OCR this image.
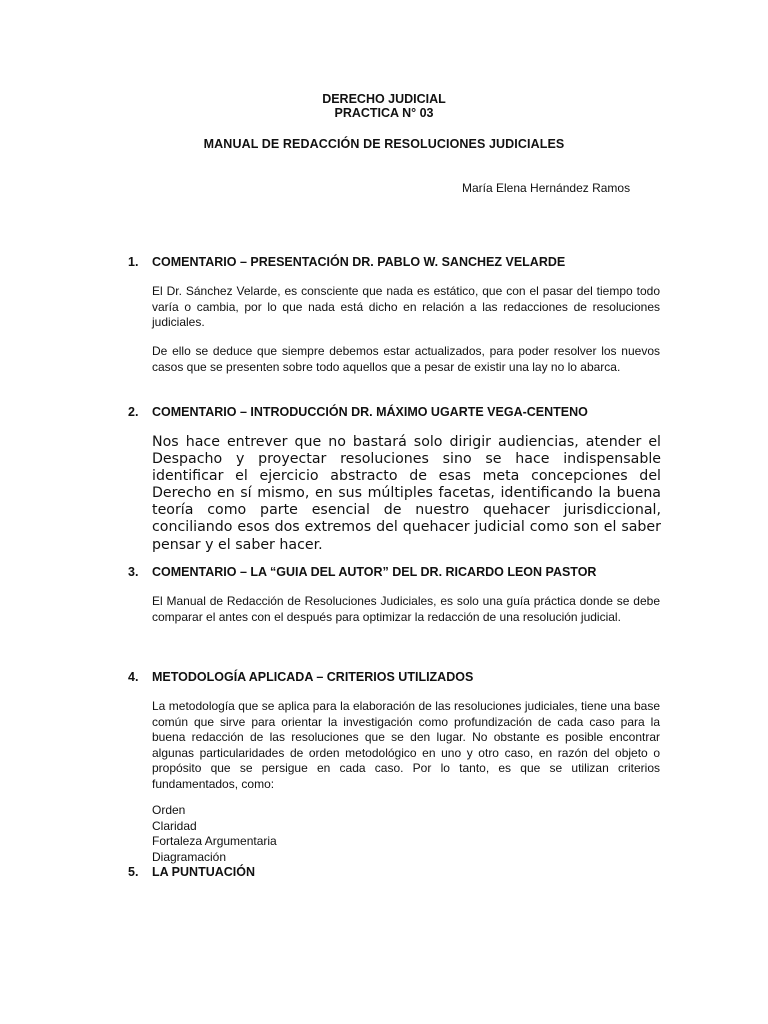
DERECHO JUDICIAL
PRACTICA N° 03
MANUAL DE REDACCIÓN DE RESOLUCIONES JUDICIALES
María Elena Hernández Ramos
1. COMENTARIO – PRESENTACIÓN DR. PABLO W. SANCHEZ VELARDE
El Dr. Sánchez Velarde, es consciente que nada es estático, que con el pasar del tiempo todo varía o cambia, por lo que nada está dicho en relación a las redacciones de resoluciones judiciales.
De ello se deduce que siempre debemos estar actualizados, para poder resolver los nuevos casos que se presenten sobre todo aquellos que a pesar de existir una lay no lo abarca.
2. COMENTARIO – INTRODUCCIÓN DR. MÁXIMO UGARTE VEGA-CENTENO
Nos hace entrever que no bastará solo dirigir audiencias, atender el Despacho y proyectar resoluciones sino se hace indispensable identificar el ejercicio abstracto de esas meta concepciones del Derecho en sí mismo, en sus múltiples facetas, identificando la buena teoría como parte esencial de nuestro quehacer jurisdiccional, conciliando esos dos extremos del quehacer judicial como son el saber pensar y el saber hacer.
3. COMENTARIO – LA “GUIA DEL AUTOR” DEL DR. RICARDO LEON PASTOR
El Manual de Redacción de Resoluciones Judiciales, es solo una guía práctica donde se debe comparar el antes con el después para optimizar la redacción de una resolución judicial.
4. METODOLOGÍA APLICADA – CRITERIOS UTILIZADOS
La metodología que se aplica para la elaboración de las resoluciones judiciales, tiene una base común que sirve para orientar la investigación como profundización de cada caso para la buena redacción de las resoluciones que se den lugar. No obstante es posible encontrar algunas particularidades de orden metodológico en uno y otro caso, en razón del objeto o propósito que se persigue en cada caso. Por lo tanto, es que se utilizan criterios fundamentados, como:
Orden
Claridad
Fortaleza Argumentaria
Diagramación
5. LA PUNTUACIÓN
